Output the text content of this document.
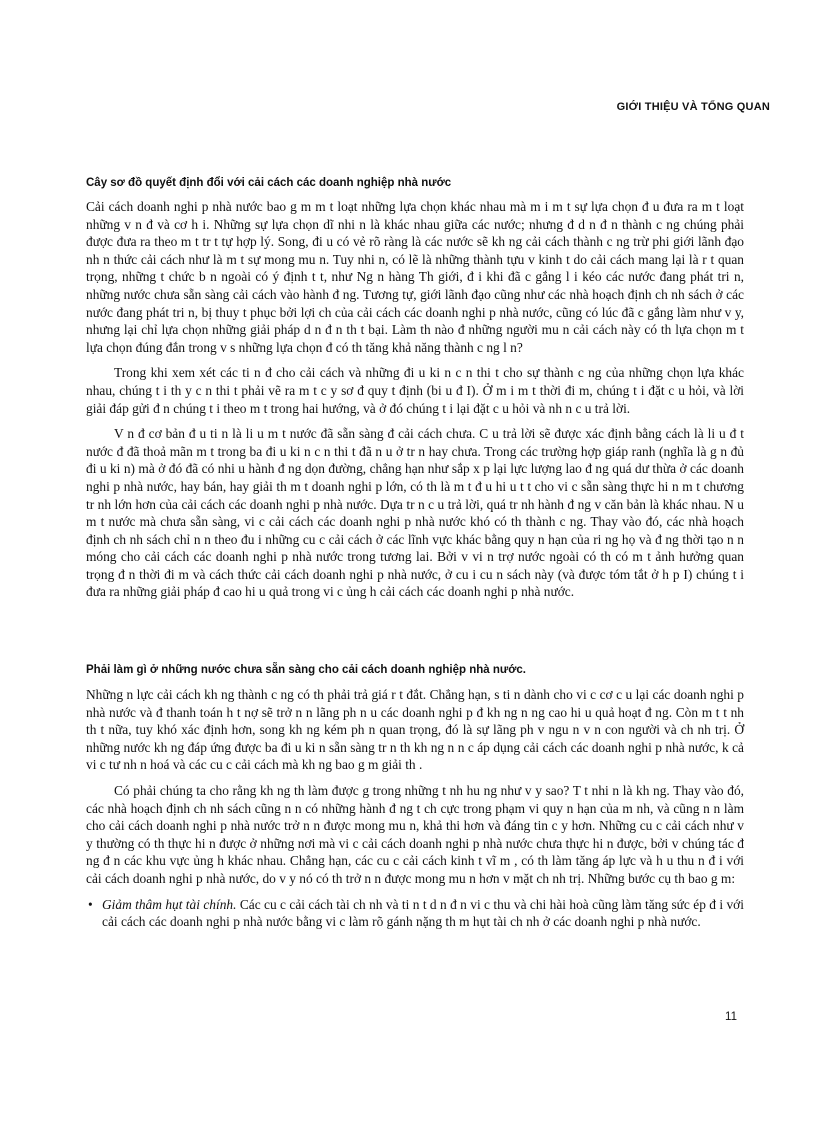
GIỚI THIỆU VÀ TỔNG QUAN
Cây sơ đồ quyết định đổi với cải cách các doanh nghiệp nhà nước

Cải cách doanh nghi p nhà nước bao g m m t loạt những lựa chọn khác nhau mà m i m t sự lựa chọn đ u đưa ra m t loạt những v n đ và cơ h i. Những sự lựa chọn dĩ nhi n là khác nhau giữa các nước; nhưng đ d n đ n thành c ng chúng phải được đưa ra theo m t tr t tự hợp lý. Song, đi u có vẻ rõ ràng là các nước sẽ kh ng cải cách thành c ng trừ phi giới lãnh đạo nh n thức cải cách như là m t sự mong mu n. Tuy nhi n, có lẽ là những thành tựu v kinh t do cải cách mang lại là r t quan trọng, những t chức b n ngoài có ý định t t, như Ng n hàng Th giới, đ i khi đã c gắng l i kéo các nước đang phát tri n, những nước chưa sẵn sàng cải cách vào hành đ ng. Tương tự, giới lãnh đạo cũng như các nhà hoạch định ch nh sách ở các nước đang phát tri n, bị thuy t phục bởi lợi ch của cải cách các doanh nghi p nhà nước, cũng có lúc đã c gắng làm như v y, nhưng lại chỉ lựa chọn những giải pháp d n đ n th t bại. Làm th nào đ những người mu n cải cách này có th lựa chọn m t lựa chọn đúng đắn trong v s những lựa chọn đ có th tăng khả năng thành c ng l n?

Trong khi xem xét các ti n đ cho cải cách và những đi u ki n c n thi t cho sự thành c ng của những chọn lựa khác nhau, chúng t i th y c n thi t phải vẽ ra m t c y sơ đ quy t định (bi u đ I). Ở m i m t thời đi m, chúng t i đặt c u hỏi, và lời giải đáp gửi đ n chúng t i theo m t trong hai hướng, và ở đó chúng t i lại đặt c u hỏi và nh n c u trả lời.

V n đ cơ bản đ u ti n là li u m t nước đã sẵn sàng đ cải cách chưa. C u trả lời sẽ được xác định bằng cách là li u đ t nước đ đã thoả mãn m t trong ba đi u ki n c n thi t đã n u ở tr n hay chưa. Trong các trường hợp giáp ranh (nghĩa là g n đủ đi u ki n) mà ở đó đã có nhi u hành đ ng dọn đường, chẳng hạn như sắp x p lại lực lượng lao đ ng quá dư thừa ở các doanh nghi p nhà nước, hay bán, hay giải th m t doanh nghi p lớn, có th là m t đ u hi u t t cho vi c sẵn sàng thực hi n m t chương tr nh lớn hơn của cải cách các doanh nghi p nhà nước. Dựa tr n c u trả lời, quá tr nh hành đ ng v căn bản là khác nhau. N u m t nước mà chưa sẵn sàng, vi c cải cách các doanh nghi p nhà nước khó có th thành c ng. Thay vào đó, các nhà hoạch định ch nh sách chỉ n n theo đu i những cu c cải cách ở các lĩnh vực khác bằng quy n hạn của ri ng họ và đ ng thời tạo n n móng cho cải cách các doanh nghi p nhà nước trong tương lai. Bởi v vi n trợ nước ngoài có th có m t ảnh hưởng quan trọng đ n thời đi m và cách thức cải cách doanh nghi p nhà nước, ở cu i cu n sách này (và được tóm tắt ở h p I) chúng t i đưa ra những giải pháp đ cao hi u quả trong vi c ủng h cải cách các doanh nghi p nhà nước.

Phải làm gì ở những nước chưa sẵn sàng cho cải cách doanh nghiệp nhà nước.

Những n lực cải cách kh ng thành c ng có th phải trả giá r t đắt. Chẳng hạn, s ti n dành cho vi c cơ c u lại các doanh nghi p nhà nước và đ thanh toán h t nợ sẽ trở n n lãng ph n u các doanh nghi p đ kh ng n ng cao hi u quả hoạt đ ng. Còn m t t nh th t nữa, tuy khó xác định hơn, song kh ng kém ph n quan trọng, đó là sự lãng ph v ngu n v n con người và ch nh trị. Ở những nước kh ng đáp ứng được ba đi u ki n sẵn sàng tr n th kh ng n n c áp dụng cải cách các doanh nghi p nhà nước, k cả vi c tư nh n hoá và các cu c cải cách mà kh ng bao g m giải th .

Có phải chúng ta cho rằng kh ng th làm được g trong những t nh hu ng như v y sao? T t nhi n là kh ng. Thay vào đó, các nhà hoạch định ch nh sách cũng n n có những hành đ ng t ch cực trong phạm vi quy n hạn của m nh, và cũng n n làm cho cải cách doanh nghi p nhà nước trở n n được mong mu n, khả thi hơn và đáng tin c y hơn. Những cu c cải cách như v y thường có th thực hi n được ở những nơi mà vi c cải cách doanh nghi p nhà nước chưa thực hi n được, bởi v chúng tác đ ng đ n các khu vực ủng h khác nhau. Chẳng hạn, các cu c cải cách kinh t vĩ m , có th làm tăng áp lực và h u thu n đ i với cải cách doanh nghi p nhà nước, do v y nó có th trở n n được mong mu n hơn v mặt ch nh trị. Những bước cụ th bao g m:

• Giảm thâm hụt tài chính. Các cu c cải cách tài ch nh và ti n t d n đ n vi c thu và chi hài hoà cũng làm tăng sức ép đ i với cải cách các doanh nghi p nhà nước bằng vi c làm rõ gánh nặng th m hụt tài ch nh ở các doanh nghi p nhà nước.

11
